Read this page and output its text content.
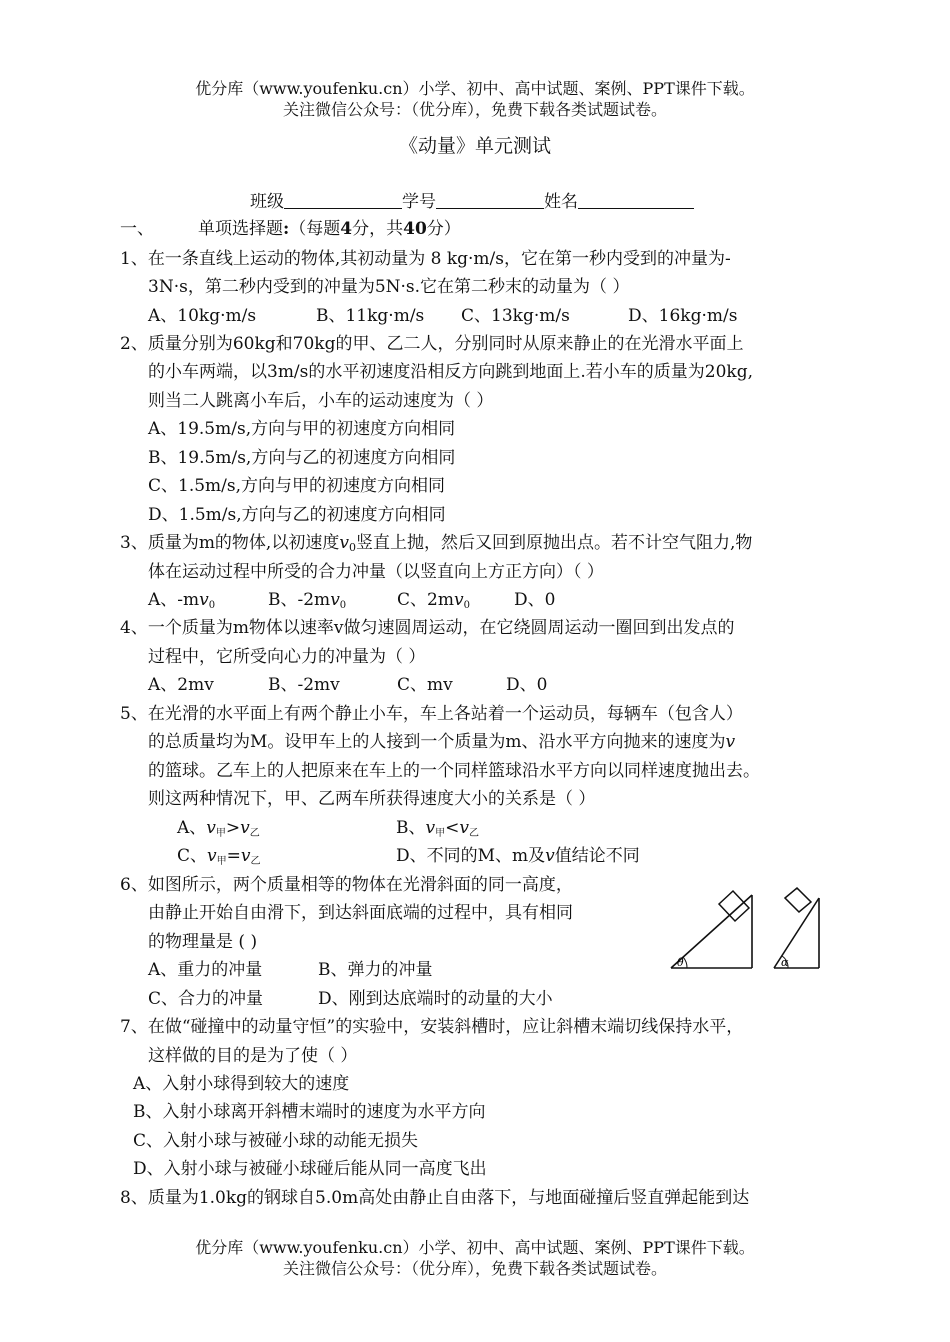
优分库（www.youfenku.cn）小学、初中、高中试题、案例、PPT课件下载。
关注微信公众号：（优分库），免费下载各类试题试卷。
《动量》单元测试
班级	学号	姓名
一、	单项选择题:（每题4分，共40分）
1、在一条直线上运动的物体,其初动量为 8 kg·m/s，它在第一秒内受到的冲量为-
3N·s，第二秒内受到的冲量为5N·s.它在第二秒末的动量为（ ）
A、10kg·m/s	B、11kg·m/s C、13kg·m/s	D、16kg·m/s
2、质量分别为60kg和70kg的甲、乙二人，分别同时从原来静止的在光滑水平面上
的小车两端，以3m/s的水平初速度沿相反方向跳到地面上.若小车的质量为20kg,
则当二人跳离小车后，小车的运动速度为（ ）
A、19.5m/s,方向与甲的初速度方向相同
B、19.5m/s,方向与乙的初速度方向相同
C、1.5m/s,方向与甲的初速度方向相同
D、1.5m/s,方向与乙的初速度方向相同
3、质量为m的物体,以初速度$v_0$竖直上抛，然后又回到原抛出点。若不计空气阻力,物
体在运动过程中所受的合力冲量（以竖直向上方正方向）（ ）
A、-mv0	B、-2mv0	C、2mv0	D、0
4、一个质量为m物体以速率v做匀速圆周运动，在它绕圆周运动一圈回到出发点的
过程中，它所受向心力的冲量为（ ）
A、2mv	B、-2mv	C、mv	D、0
5、在光滑的水平面上有两个静止小车，车上各站着一个运动员，每辆车（包含人）
的总质量均为M。设甲车上的人接到一个质量为m、沿水平方向抛来的速度为v
的篮球。乙车上的人把原来在车上的一个同样篮球沿水平方向以同样速度抛出去。
则这两种情况下，甲、乙两车所获得速度大小的关系是（ ）
A、v甲>v乙	B、v甲<v乙
C、v甲=v乙	D、不同的M、m及v值结论不同
6、如图所示，两个质量相等的物体在光滑斜面的同一高度，
由静止开始自由滑下，到达斜面底端的过程中，具有相同
的物理量是 ( )
A、重力的冲量	B、弹力的冲量
C、合力的冲量	D、刚到达底端时的动量的大小
θ	α
7、在做“碰撞中的动量守恒”的实验中，安装斜槽时，应让斜槽末端切线保持水平，
这样做的目的是为了使（ ）
A、入射小球得到较大的速度
B、入射小球离开斜槽末端时的速度为水平方向
C、入射小球与被碰小球的动能无损失
D、入射小球与被碰小球碰后能从同一高度飞出
8、质量为1.0kg的钢球自5.0m高处由静止自由落下，与地面碰撞后竖直弹起能到达
优分库（www.youfenku.cn）小学、初中、高中试题、案例、PPT课件下载。
关注微信公众号：（优分库），免费下载各类试题试卷。
